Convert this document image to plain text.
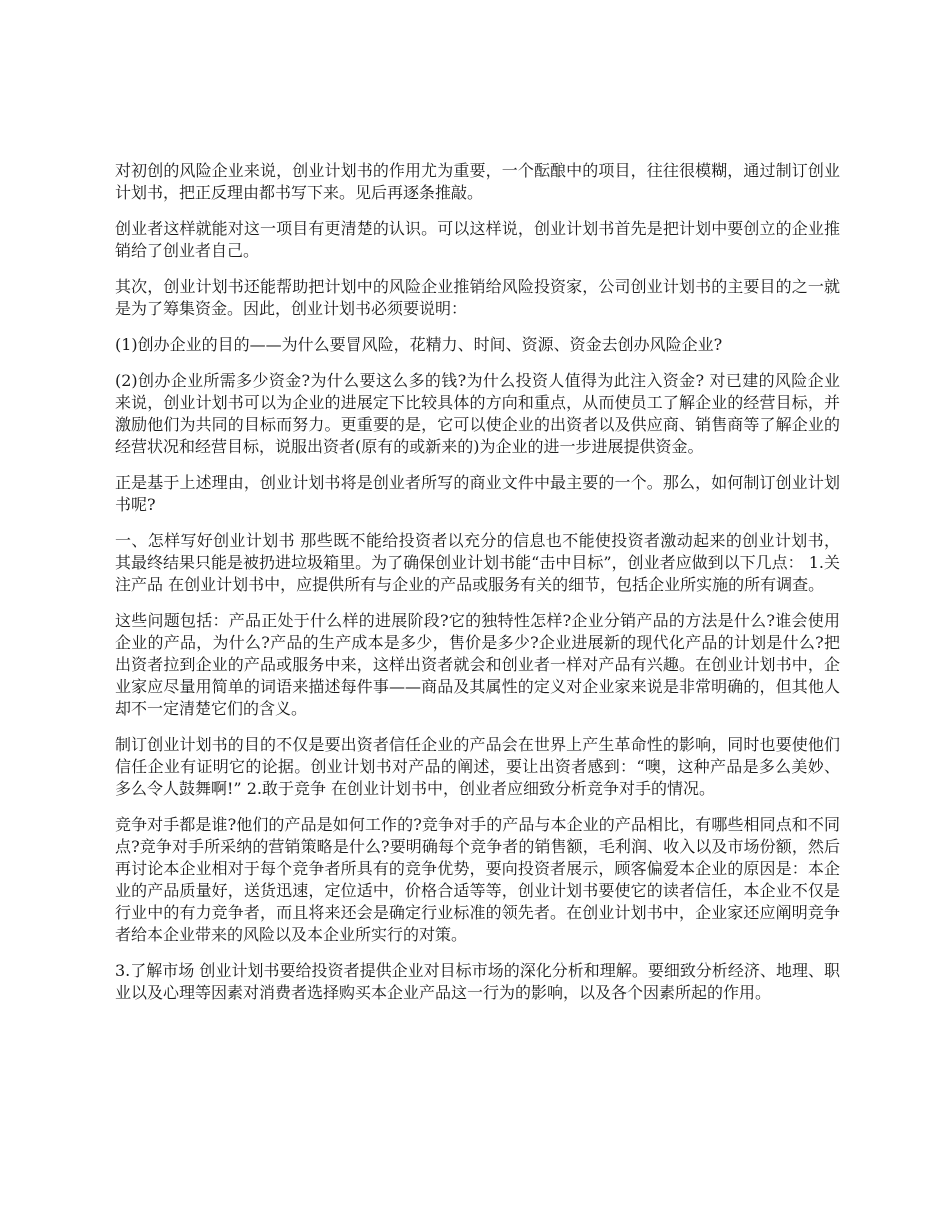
对初创的风险企业来说，创业计划书的作用尤为重要，一个酝酿中的项目，往往很模糊，通过制订创业计划书，把正反理由都书写下来。见后再逐条推敲。

创业者这样就能对这一项目有更清楚的认识。可以这样说，创业计划书首先是把计划中要创立的企业推销给了创业者自己。

其次，创业计划书还能帮助把计划中的风险企业推销给风险投资家，公司创业计划书的主要目的之一就是为了筹集资金。因此，创业计划书必须要说明：

(1)创办企业的目的——为什么要冒风险，花精力、时间、资源、资金去创办风险企业?

(2)创办企业所需多少资金?为什么要这么多的钱?为什么投资人值得为此注入资金? 对已建的风险企业来说，创业计划书可以为企业的进展定下比较具体的方向和重点，从而使员工了解企业的经营目标，并激励他们为共同的目标而努力。更重要的是，它可以使企业的出资者以及供应商、销售商等了解企业的经营状况和经营目标，说服出资者(原有的或新来的)为企业的进一步进展提供资金。

正是基于上述理由，创业计划书将是创业者所写的商业文件中最主要的一个。那么，如何制订创业计划书呢?

一、怎样写好创业计划书 那些既不能给投资者以充分的信息也不能使投资者激动起来的创业计划书，其最终结果只能是被扔进垃圾箱里。为了确保创业计划书能“击中目标”，创业者应做到以下几点： 1.关注产品 在创业计划书中，应提供所有与企业的产品或服务有关的细节，包括企业所实施的所有调查。

这些问题包括：产品正处于什么样的进展阶段?它的独特性怎样?企业分销产品的方法是什么?谁会使用企业的产品，为什么?产品的生产成本是多少，售价是多少?企业进展新的现代化产品的计划是什么?把出资者拉到企业的产品或服务中来，这样出资者就会和创业者一样对产品有兴趣。在创业计划书中，企业家应尽量用简单的词语来描述每件事——商品及其属性的定义对企业家来说是非常明确的，但其他人却不一定清楚它们的含义。

制订创业计划书的目的不仅是要出资者信任企业的产品会在世界上产生革命性的影响，同时也要使他们信任企业有证明它的论据。创业计划书对产品的阐述，要让出资者感到：“噢，这种产品是多么美妙、多么令人鼓舞啊!” 2.敢于竞争 在创业计划书中，创业者应细致分析竞争对手的情况。

竞争对手都是谁?他们的产品是如何工作的?竞争对手的产品与本企业的产品相比，有哪些相同点和不同点?竞争对手所采纳的营销策略是什么?要明确每个竞争者的销售额，毛利润、收入以及市场份额，然后再讨论本企业相对于每个竞争者所具有的竞争优势，要向投资者展示，顾客偏爱本企业的原因是：本企业的产品质量好，送货迅速，定位适中，价格合适等等，创业计划书要使它的读者信任，本企业不仅是行业中的有力竞争者，而且将来还会是确定行业标准的领先者。在创业计划书中，企业家还应阐明竞争者给本企业带来的风险以及本企业所实行的对策。

3.了解市场 创业计划书要给投资者提供企业对目标市场的深化分析和理解。要细致分析经济、地理、职业以及心理等因素对消费者选择购买本企业产品这一行为的影响，以及各个因素所起的作用。
